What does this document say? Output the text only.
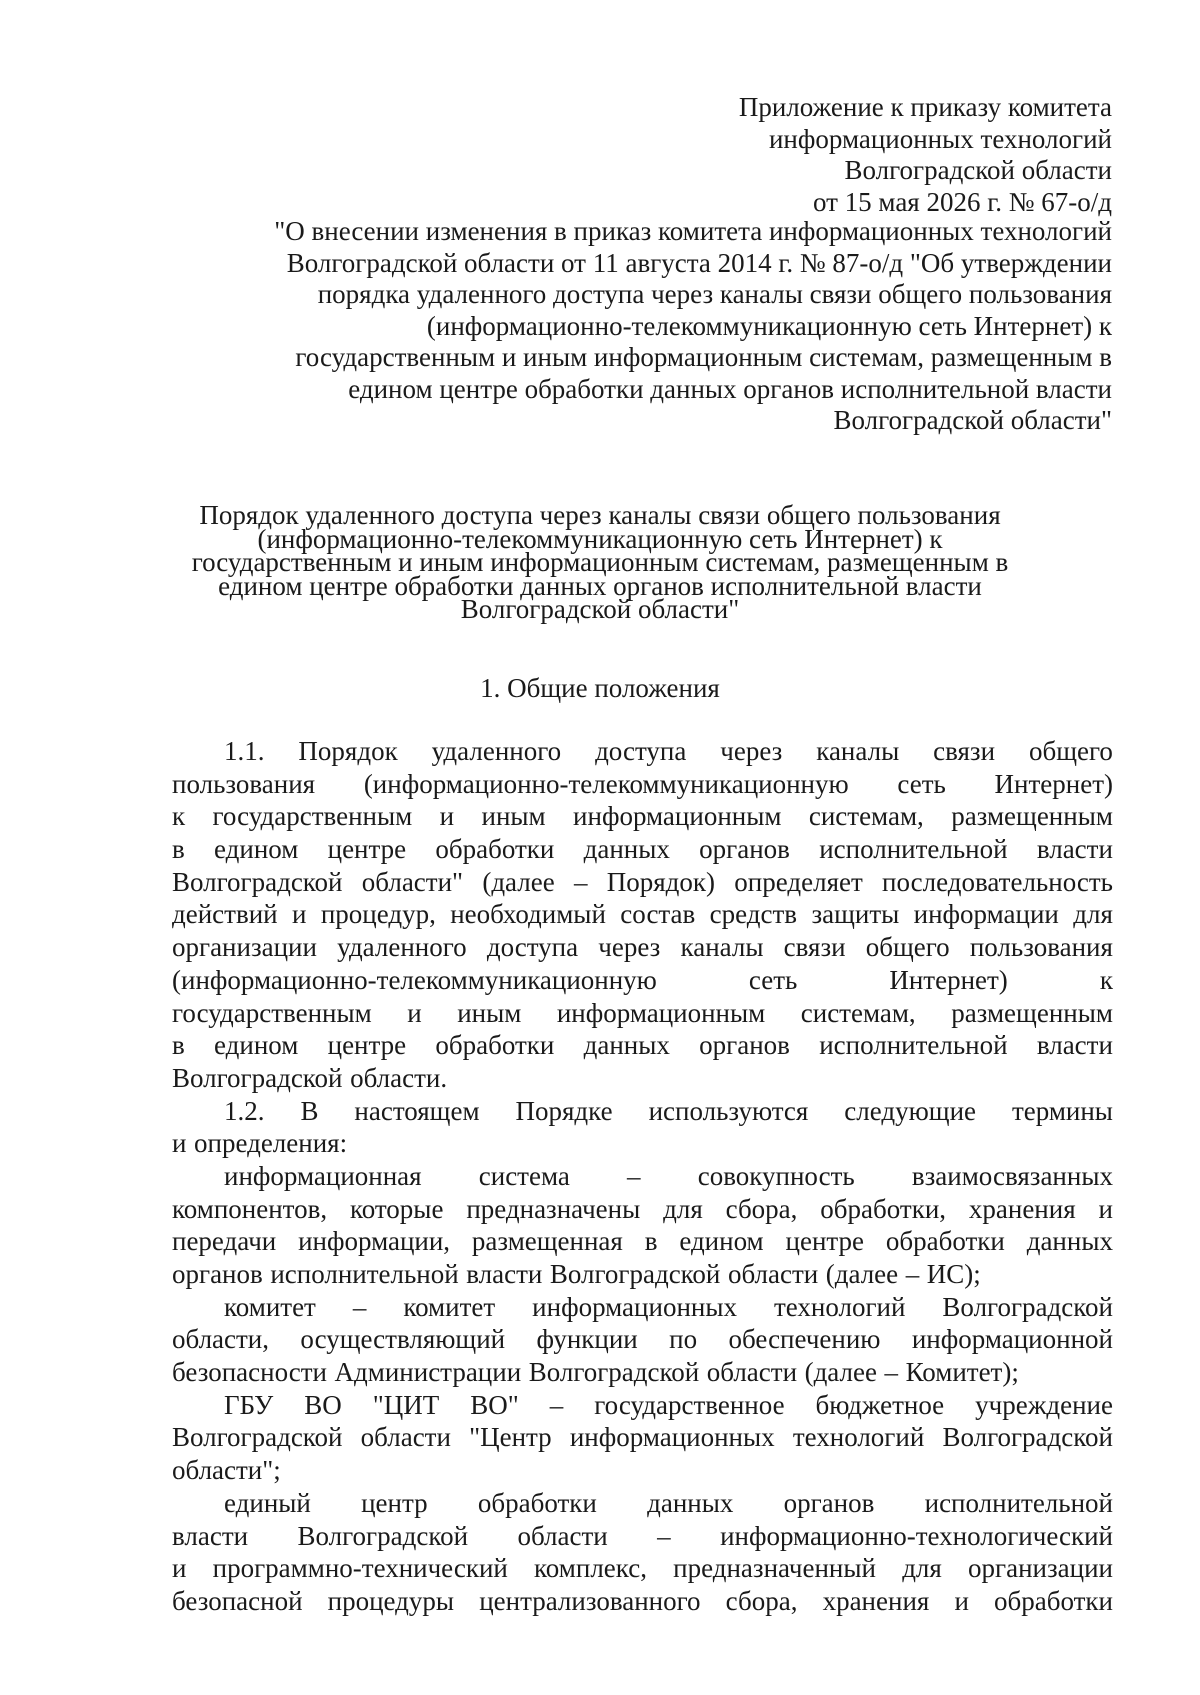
Приложение к приказу комитета
информационных технологий
Волгоградской области
от 15 мая 2026 г. № 67-о/д
"О внесении изменения в приказ комитета информационных технологий
Волгоградской области от 11 августа 2014 г. № 87-о/д "Об утверждении
порядка удаленного доступа через каналы связи общего пользования
(информационно-телекоммуникационную сеть Интернет) к
государственным и иным информационным системам, размещенным в
едином центре обработки данных органов исполнительной власти
Волгоградской области"
Порядок удаленного доступа через каналы связи общего пользования
(информационно-телекоммуникационную сеть Интернет) к
государственным и иным информационным системам, размещенным в
едином центре обработки данных органов исполнительной власти
Волгоградской области"
1. Общие положения
1.1. Порядок удаленного доступа через каналы связи общего
пользования (информационно-телекоммуникационную сеть Интернет)
к государственным и иным информационным системам, размещенным
в едином центре обработки данных органов исполнительной власти
Волгоградской области" (далее – Порядок) определяет последовательность
действий и процедур, необходимый состав средств защиты информации для
организации удаленного доступа через каналы связи общего пользования
(информационно-телекоммуникационную	сеть	Интернет)	к
государственным и иным информационным системам, размещенным
в едином центре обработки данных органов исполнительной власти
Волгоградской области.
1.2. В настоящем Порядке используются следующие термины
и определения:
информационная система – совокупность взаимосвязанных
компонентов, которые предназначены для сбора, обработки, хранения и
передачи информации, размещенная в едином центре обработки данных
органов исполнительной власти Волгоградской области (далее – ИС);
комитет – комитет информационных технологий Волгоградской
области, осуществляющий функции по обеспечению информационной
безопасности Администрации Волгоградской области (далее – Комитет);
ГБУ ВО "ЦИТ ВО" – государственное бюджетное учреждение
Волгоградской области "Центр информационных технологий Волгоградской
области";
единый центр обработки данных органов исполнительной
власти Волгоградской области – информационно-технологический
и программно-технический комплекс, предназначенный для организации
безопасной процедуры централизованного сбора, хранения и обработки
